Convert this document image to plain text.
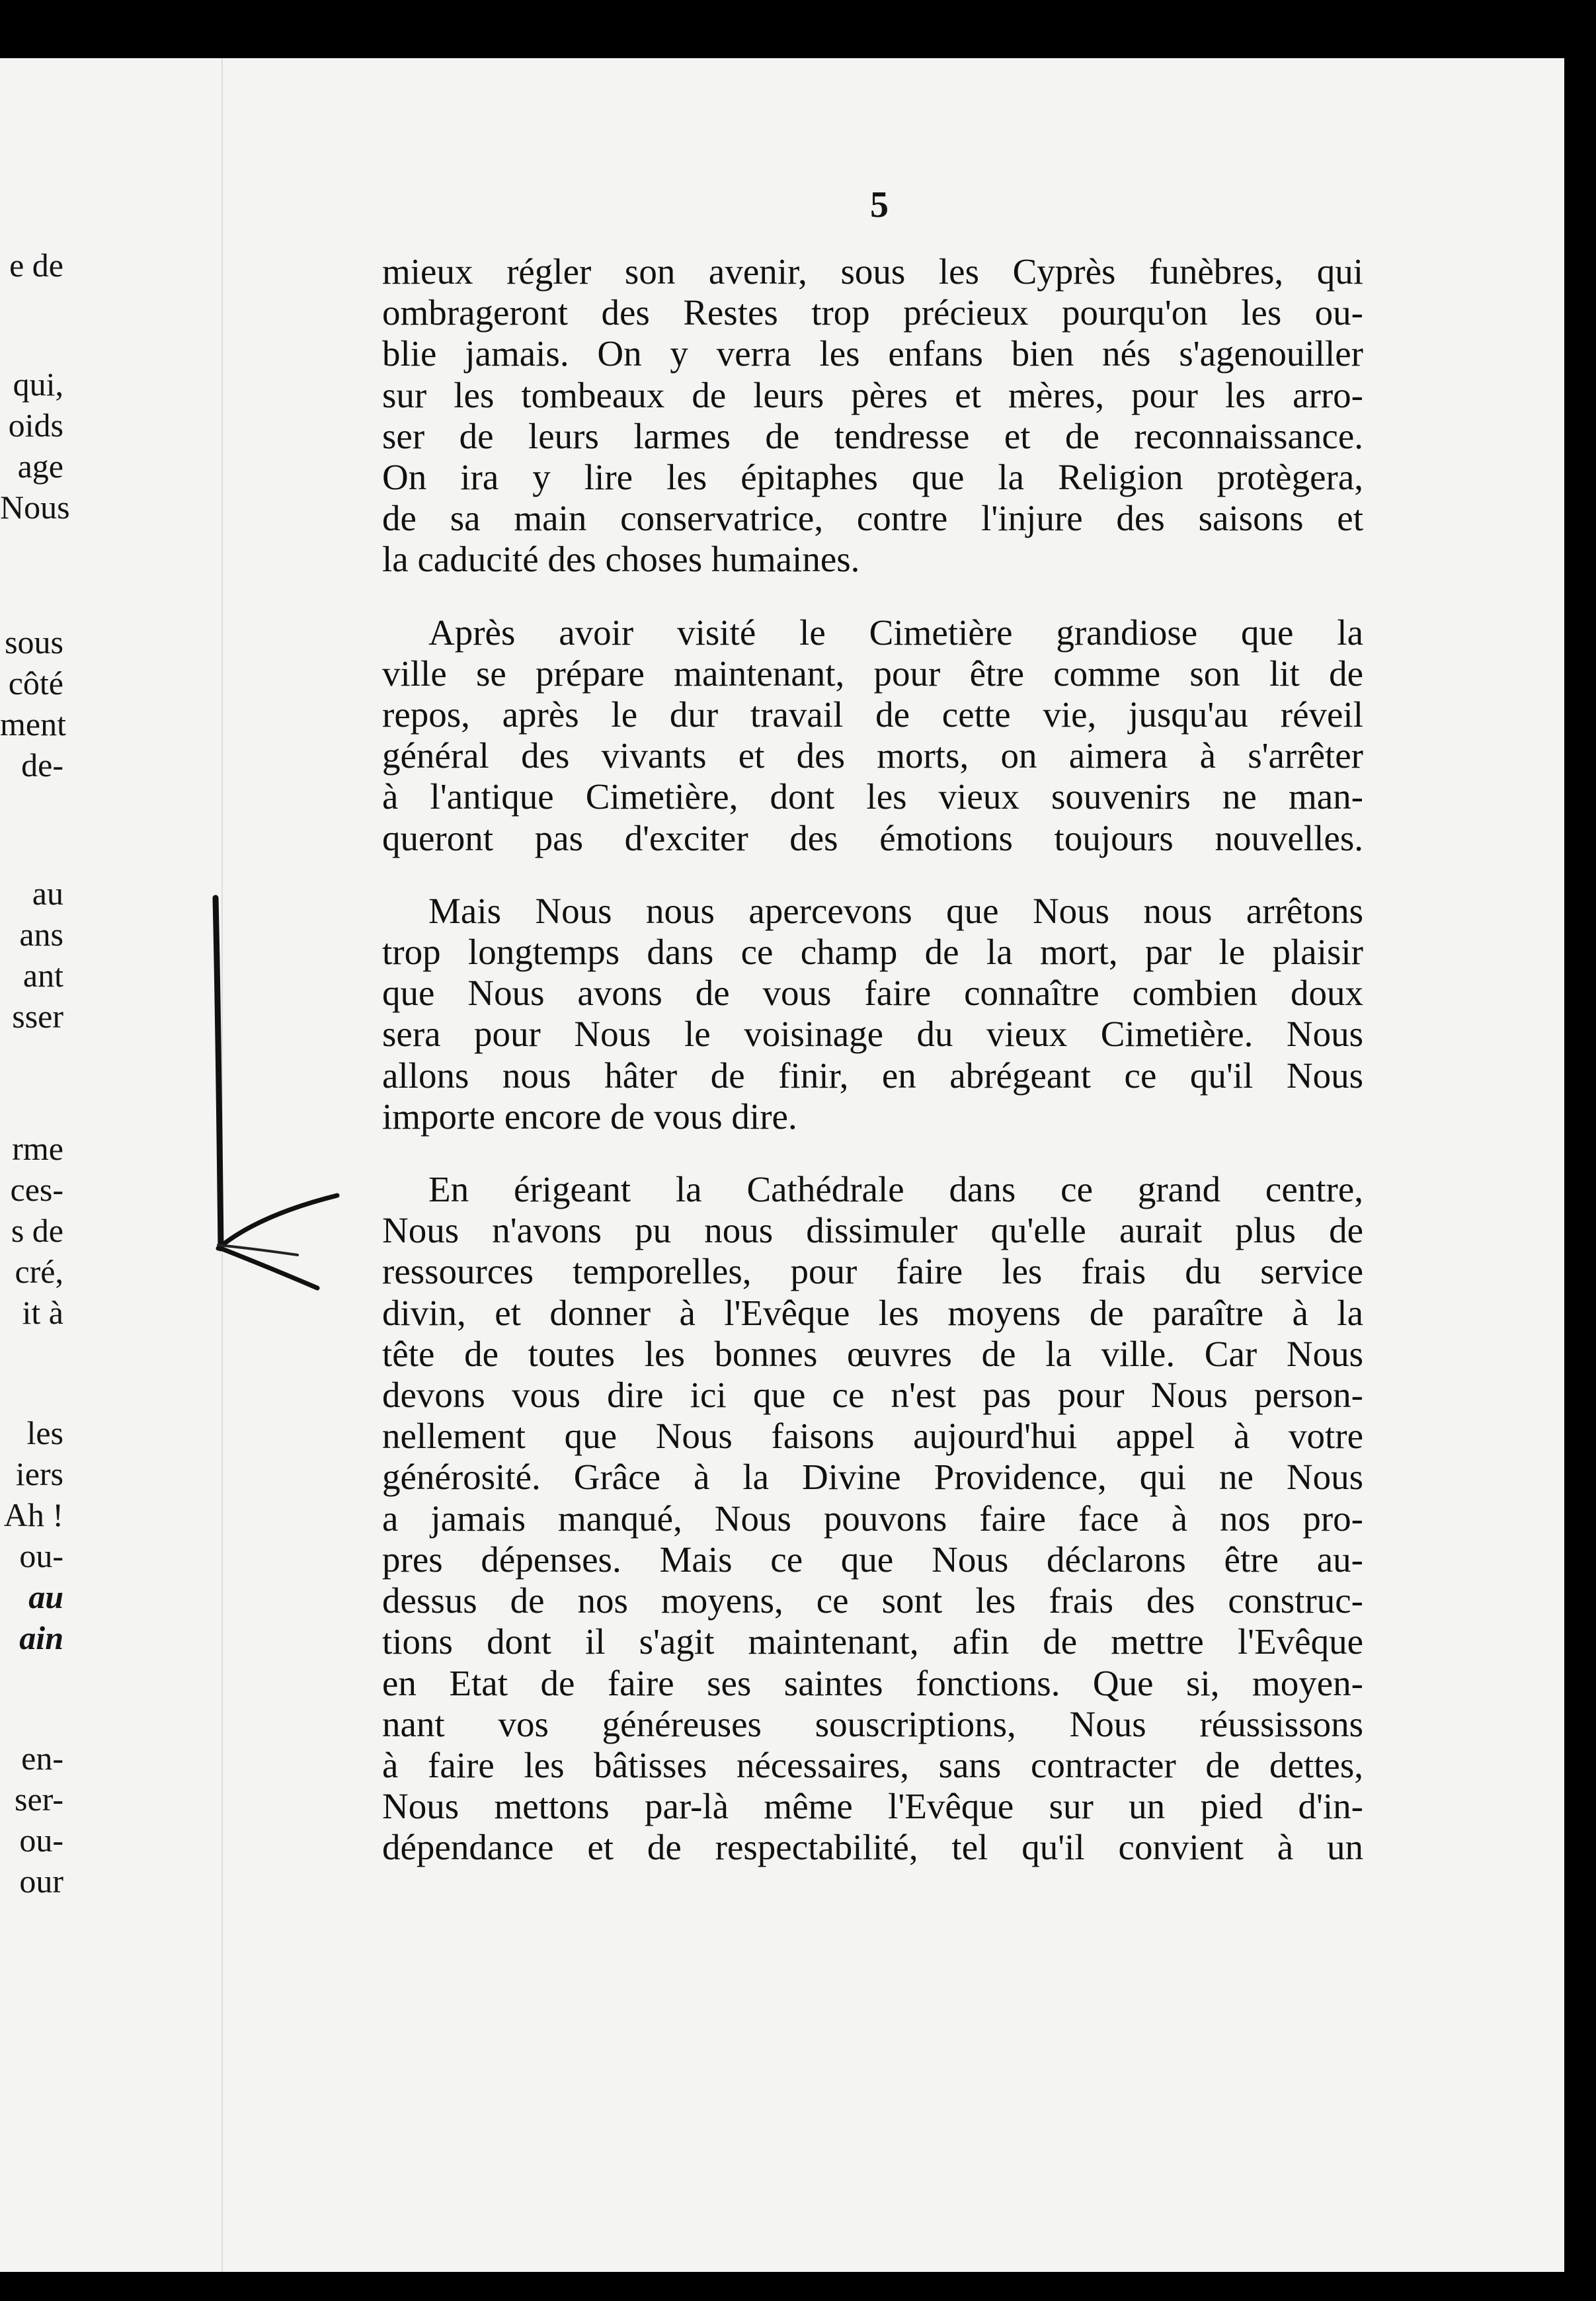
e de
qui,
oids
age
Nous
sous
côté
ment
de-
au
ans
ant
sser
rme
ces-
s de
cré,
it à
les
iers
Ah !
ou-
au
ain
en-
ser-
ou-
our
5

mieux régler son avenir, sous les Cyprès funèbres, qui
ombrageront des Restes trop précieux pourqu'on les ou-
blie jamais. On y verra les enfans bien nés s'agenouiller
sur les tombeaux de leurs pères et mères, pour les arro-
ser de leurs larmes de tendresse et de reconnaissance.
On ira y lire les épitaphes que la Religion protègera,
de sa main conservatrice, contre l'injure des saisons et
la caducité des choses humaines.

Après avoir visité le Cimetière grandiose que la
ville se prépare maintenant, pour être comme son lit de
repos, après le dur travail de cette vie, jusqu'au réveil
général des vivants et des morts, on aimera à s'arrêter
à l'antique Cimetière, dont les vieux souvenirs ne man-
queront pas d'exciter des émotions toujours nouvelles.

Mais Nous nous apercevons que Nous nous arrêtons
trop longtemps dans ce champ de la mort, par le plaisir
que Nous avons de vous faire connaître combien doux
sera pour Nous le voisinage du vieux Cimetière. Nous
allons nous hâter de finir, en abrégeant ce qu'il Nous
importe encore de vous dire.

En érigeant la Cathédrale dans ce grand centre,
Nous n'avons pu nous dissimuler qu'elle aurait plus de
ressources temporelles, pour faire les frais du service
divin, et donner à l'Evêque les moyens de paraître à la
tête de toutes les bonnes œuvres de la ville. Car Nous
devons vous dire ici que ce n'est pas pour Nous person-
nellement que Nous faisons aujourd'hui appel à votre
générosité. Grâce à la Divine Providence, qui ne Nous
a jamais manqué, Nous pouvons faire face à nos pro-
pres dépenses. Mais ce que Nous déclarons être au-
dessus de nos moyens, ce sont les frais des construc-
tions dont il s'agit maintenant, afin de mettre l'Evêque
en Etat de faire ses saintes fonctions. Que si, moyen-
nant vos généreuses souscriptions, Nous réussissons
à faire les bâtisses nécessaires, sans contracter de dettes,
Nous mettons par-là même l'Evêque sur un pied d'in-
dépendance et de respectabilité, tel qu'il convient à un
